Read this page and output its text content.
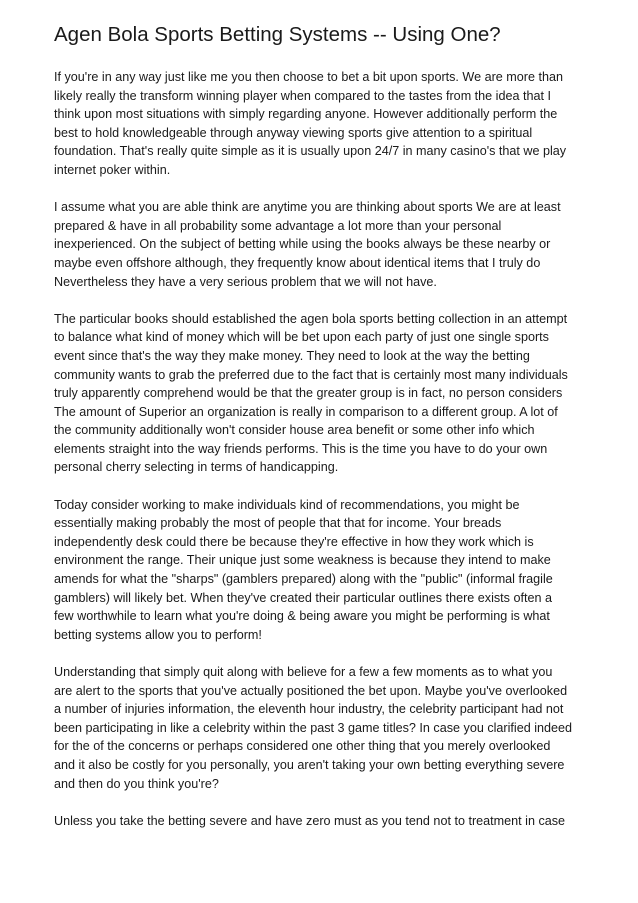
Agen Bola Sports Betting Systems -- Using One?
If you're in any way just like me you then choose to bet a bit upon sports. We are more than
likely really the transform winning player when compared to the tastes from the idea that I
think upon most situations with simply regarding anyone. However additionally perform the
best to hold knowledgeable through anyway viewing sports give attention to a spiritual
foundation. That's really quite simple as it is usually upon 24/7 in many casino's that we play
internet poker within.
I assume what you are able think are anytime you are thinking about sports We are at least
prepared & have in all probability some advantage a lot more than your personal
inexperienced. On the subject of betting while using the books always be these nearby or
maybe even offshore although, they frequently know about identical items that I truly do
Nevertheless they have a very serious problem that we will not have.
The particular books should established the agen bola sports betting collection in an attempt
to balance what kind of money which will be bet upon each party of just one single sports
event since that's the way they make money. They need to look at the way the betting
community wants to grab the preferred due to the fact that is certainly most many individuals
truly apparently comprehend would be that the greater group is in fact, no person considers
The amount of Superior an organization is really in comparison to a different group. A lot of
the community additionally won't consider house area benefit or some other info which
elements straight into the way friends performs. This is the time you have to do your own
personal cherry selecting in terms of handicapping.
Today consider working to make individuals kind of recommendations, you might be
essentially making probably the most of people that that for income. Your breads
independently desk could there be because they're effective in how they work which is
environment the range. Their unique just some weakness is because they intend to make
amends for what the "sharps" (gamblers prepared) along with the "public" (informal fragile
gamblers) will likely bet. When they've created their particular outlines there exists often a
few worthwhile to learn what you're doing & being aware you might be performing is what
betting systems allow you to perform!
Understanding that simply quit along with believe for a few a few moments as to what you
are alert to the sports that you've actually positioned the bet upon. Maybe you've overlooked
a number of injuries information, the eleventh hour industry, the celebrity participant had not
been participating in like a celebrity within the past 3 game titles? In case you clarified indeed
for the of the concerns or perhaps considered one other thing that you merely overlooked
and it also be costly for you personally, you aren't taking your own betting everything severe
and then do you think you're?
Unless you take the betting severe and have zero must as you tend not to treatment in case
